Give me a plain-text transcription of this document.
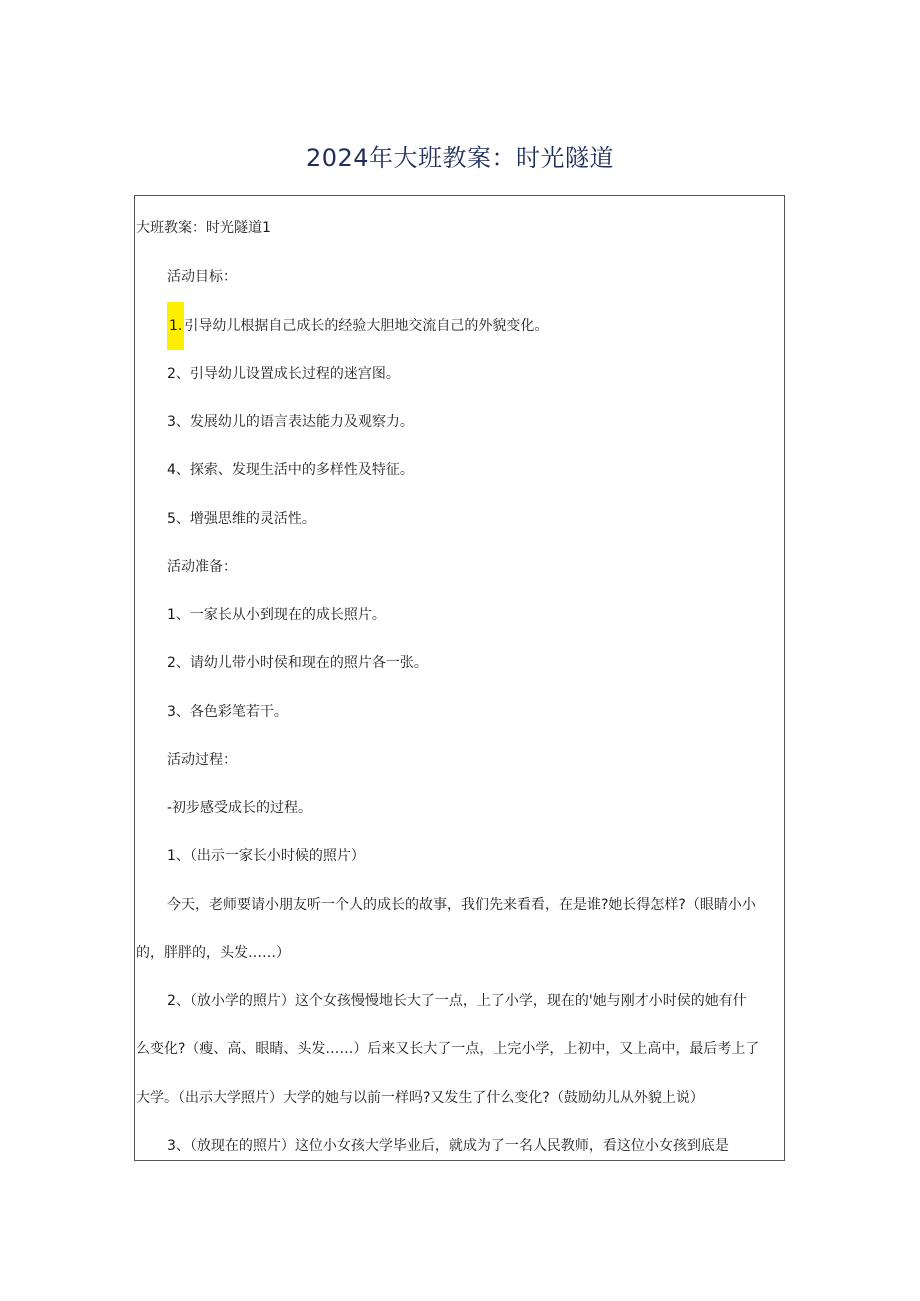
2024年大班教案：时光隧道
大班教案：时光隧道1
活动目标：
1. 引导幼儿根据自己成长的经验大胆地交流自己的外貌变化。
2、引导幼儿设置成长过程的迷宫图。
3、发展幼儿的语言表达能力及观察力。
4、探索、发现生活中的多样性及特征。
5、增强思维的灵活性。
活动准备：
1、一家长从小到现在的成长照片。
2、请幼儿带小时侯和现在的照片各一张。
3、各色彩笔若干。
活动过程：
-初步感受成长的过程。
1、（出示一家长小时候的照片）
今天，老师要请小朋友听一个人的成长的故事，我们先来看看，在是谁?她长得怎样?（眼睛小小
的，胖胖的，头发……）
2、（放小学的照片）这个女孩慢慢地长大了一点，上了小学，现在的'她与刚才小时侯的她有什
么变化?（瘦、高、眼睛、头发……）后来又长大了一点，上完小学，上初中，又上高中，最后考上了
大学。（出示大学照片）大学的她与以前一样吗?又发生了什么变化?（鼓励幼儿从外貌上说）
3、（放现在的照片）这位小女孩大学毕业后，就成为了一名人民教师，看这位小女孩到底是
